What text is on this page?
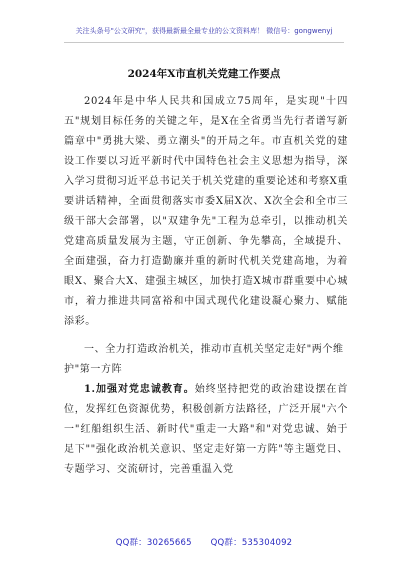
关注头条号"公文研究"，获得最新最全最专业的公文资料库！ 微信号：gongwenyj
2024年X市直机关党建工作要点

2024年是中华人民共和国成立75周年，是实现"十四五"规划目标任务的关键之年，是X在全省勇当先行者谱写新篇章中"勇挑大梁、勇立潮头"的开局之年。市直机关党的建设工作要以习近平新时代中国特色社会主义思想为指导，深入学习贯彻习近平总书记关于机关党建的重要论述和考察X重要讲话精神，全面贯彻落实市委X届X次、X次全会和全市三级干部大会部署，以"双建争先"工程为总牵引，以推动机关党建高质量发展为主题，守正创新、争先攀高，全域提升、全面建强，奋力打造勤廉并重的新时代机关党建高地，为着眼X、聚合大X、建强主城区，加快打造X城市群重要中心城市，着力推进共同富裕和中国式现代化建设凝心聚力、赋能添彩。

一、全力打造政治机关，推动市直机关坚定走好"两个维护"第一方阵

1.加强对党忠诚教育。始终坚持把党的政治建设摆在首位，发挥红色资源优势，积极创新方法路径，广泛开展"六个一"红船组织生活、新时代"重走一大路"和"对党忠诚、始于足下""强化政治机关意识、坚定走好第一方阵"等主题党日、专题学习、交流研讨，完善重温入党

QQ群：30265665 QQ群：535304092
